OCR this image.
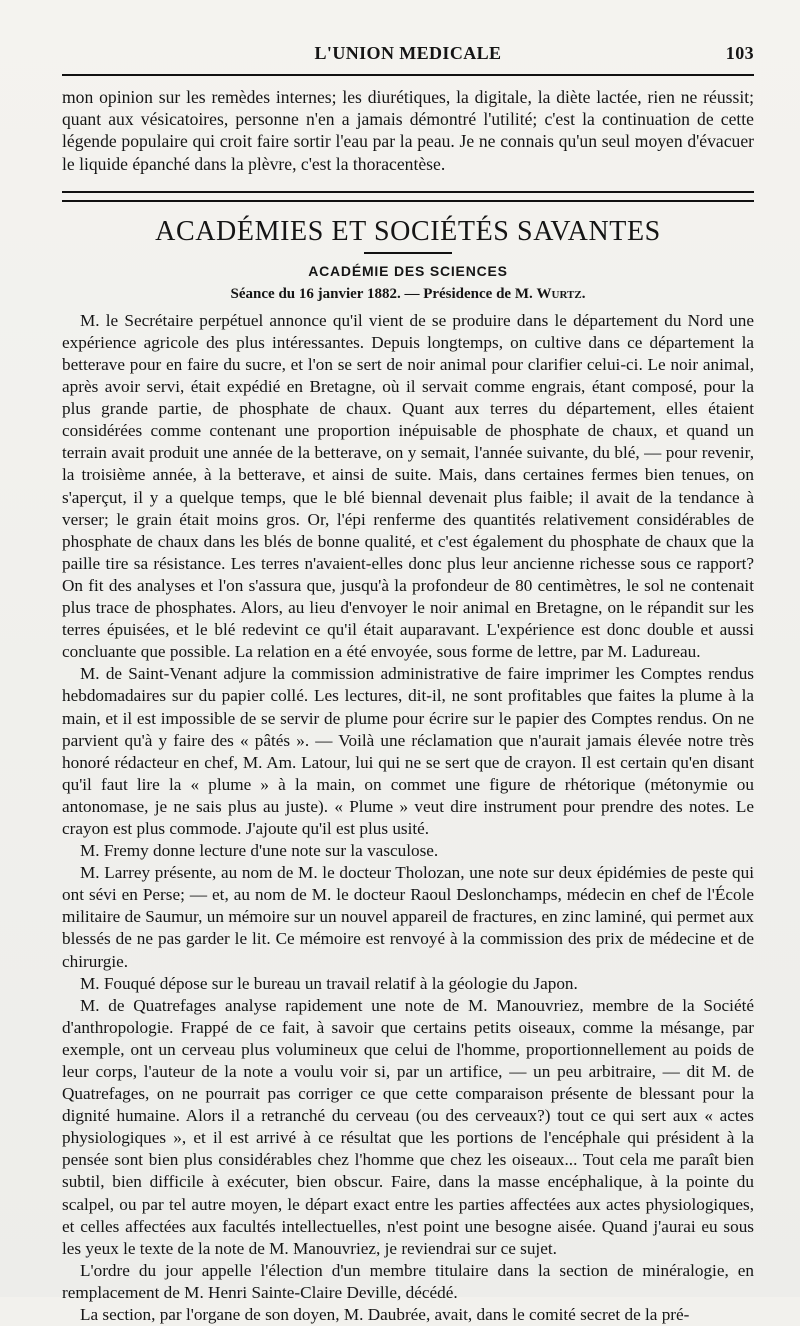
L'UNION MEDICALE	103

mon opinion sur les remèdes internes; les diurétiques, la digitale, la diète lactée, rien ne réussit; quant aux vésicatoires, personne n'en a jamais démontré l'utilité; c'est la continuation de cette légende populaire qui croit faire sortir l'eau par la peau. Je ne connais qu'un seul moyen d'évacuer le liquide épanché dans la plèvre, c'est la thoracentèse.

ACADÉMIES ET SOCIÉTÉS SAVANTES
ACADÉMIE DES SCIENCES
Séance du 16 janvier 1882. — Présidence de M. Wurtz.

M. le Secrétaire perpétuel annonce qu'il vient de se produire dans le département du Nord une expérience agricole des plus intéressantes. Depuis longtemps, on cultive dans ce département la betterave pour en faire du sucre, et l'on se sert de noir animal pour clarifier celui-ci. Le noir animal, après avoir servi, était expédié en Bretagne, où il servait comme engrais, étant composé, pour la plus grande partie, de phosphate de chaux. Quant aux terres du département, elles étaient considérées comme contenant une proportion inépuisable de phosphate de chaux, et quand un terrain avait produit une année de la betterave, on y semait, l'année suivante, du blé, — pour revenir, la troisième année, à la betterave, et ainsi de suite. Mais, dans certaines fermes bien tenues, on s'aperçut, il y a quelque temps, que le blé biennal devenait plus faible; il avait de la tendance à verser; le grain était moins gros. Or, l'épi renferme des quantités relativement considérables de phosphate de chaux dans les blés de bonne qualité, et c'est également du phosphate de chaux que la paille tire sa résistance. Les terres n'avaient-elles donc plus leur ancienne richesse sous ce rapport? On fit des analyses et l'on s'assura que, jusqu'à la profondeur de 80 centimètres, le sol ne contenait plus trace de phosphates. Alors, au lieu d'envoyer le noir animal en Bretagne, on le répandit sur les terres épuisées, et le blé redevint ce qu'il était auparavant. L'expérience est donc double et aussi concluante que possible. La relation en a été envoyée, sous forme de lettre, par M. Ladureau.

M. de Saint-Venant adjure la commission administrative de faire imprimer les Comptes rendus hebdomadaires sur du papier collé. Les lectures, dit-il, ne sont profitables que faites la plume à la main, et il est impossible de se servir de plume pour écrire sur le papier des Comptes rendus. On ne parvient qu'à y faire des « pâtés ». — Voilà une réclamation que n'aurait jamais élevée notre très honoré rédacteur en chef, M. Am. Latour, lui qui ne se sert que de crayon. Il est certain qu'en disant qu'il faut lire la « plume » à la main, on commet une figure de rhétorique (métonymie ou antonomase, je ne sais plus au juste). « Plume » veut dire instrument pour prendre des notes. Le crayon est plus commode. J'ajoute qu'il est plus usité.

M. Fremy donne lecture d'une note sur la vasculose.

M. Larrey présente, au nom de M. le docteur Tholozan, une note sur deux épidémies de peste qui ont sévi en Perse; — et, au nom de M. le docteur Raoul Deslonchamps, médecin en chef de l'École militaire de Saumur, un mémoire sur un nouvel appareil de fractures, en zinc laminé, qui permet aux blessés de ne pas garder le lit. Ce mémoire est renvoyé à la commission des prix de médecine et de chirurgie.

M. Fouqué dépose sur le bureau un travail relatif à la géologie du Japon.

M. de Quatrefages analyse rapidement une note de M. Manouvriez, membre de la Société d'anthropologie. Frappé de ce fait, à savoir que certains petits oiseaux, comme la mésange, par exemple, ont un cerveau plus volumineux que celui de l'homme, proportionnellement au poids de leur corps, l'auteur de la note a voulu voir si, par un artifice, — un peu arbitraire, — dit M. de Quatrefages, on ne pourrait pas corriger ce que cette comparaison présente de blessant pour la dignité humaine. Alors il a retranché du cerveau (ou des cerveaux?) tout ce qui sert aux « actes physiologiques », et il est arrivé à ce résultat que les portions de l'encéphale qui président à la pensée sont bien plus considérables chez l'homme que chez les oiseaux... Tout cela me paraît bien subtil, bien difficile à exécuter, bien obscur. Faire, dans la masse encéphalique, à la pointe du scalpel, ou par tel autre moyen, le départ exact entre les parties affectées aux actes physiologiques, et celles affectées aux facultés intellectuelles, n'est point une besogne aisée. Quand j'aurai eu sous les yeux le texte de la note de M. Manouvriez, je reviendrai sur ce sujet.

L'ordre du jour appelle l'élection d'un membre titulaire dans la section de minéralogie, en remplacement de M. Henri Sainte-Claire Deville, décédé.

La section, par l'organe de son doyen, M. Daubrée, avait, dans le comité secret de la pré-
